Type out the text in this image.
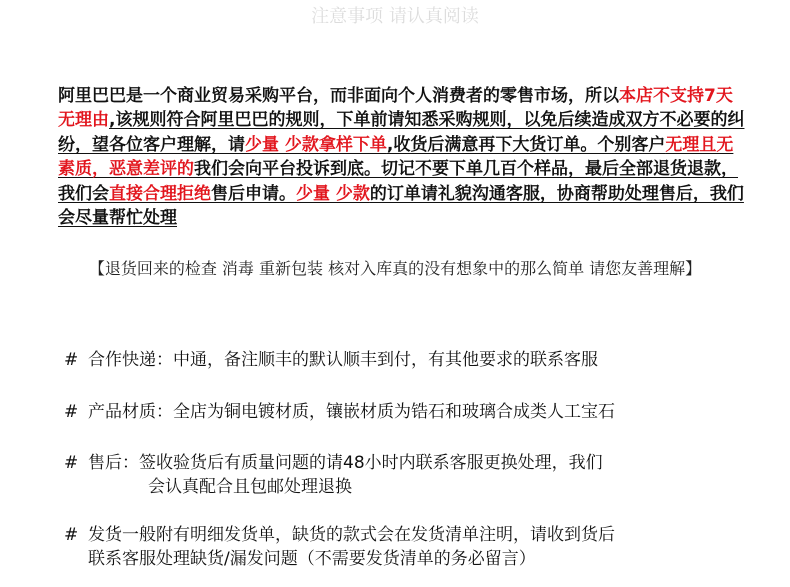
注意事项 请认真阅读
阿里巴巴是一个商业贸易采购平台，而非面向个人消费者的零售市场，所以本店不支持7天无理由,该规则符合阿里巴巴的规则，下单前请知悉采购规则，以免后续造成双方不必要的纠纷，望各位客户理解，请少量 少款拿样下单,收货后满意再下大货订单。个别客户无理且无素质，恶意差评的我们会向平台投诉到底。切记不要下单几百个样品，最后全部退货退款，我们会直接合理拒绝售后申请。少量 少款的订单请礼貌沟通客服，协商帮助处理售后，我们会尽量帮忙处理
【退货回来的检查 消毒 重新包装 核对入库真的没有想象中的那么简单 请您友善理解】
# 合作快递：中通，备注顺丰的默认顺丰到付，有其他要求的联系客服
# 产品材质：全店为铜电镀材质，镶嵌材质为锆石和玻璃合成类人工宝石
# 售后：签收验货后有质量问题的请48小时内联系客服更换处理，我们
会认真配合且包邮处理退换
# 发货一般附有明细发货单，缺货的款式会在发货清单注明，请收到货后
联系客服处理缺货/漏发问题（不需要发货清单的务必留言）
